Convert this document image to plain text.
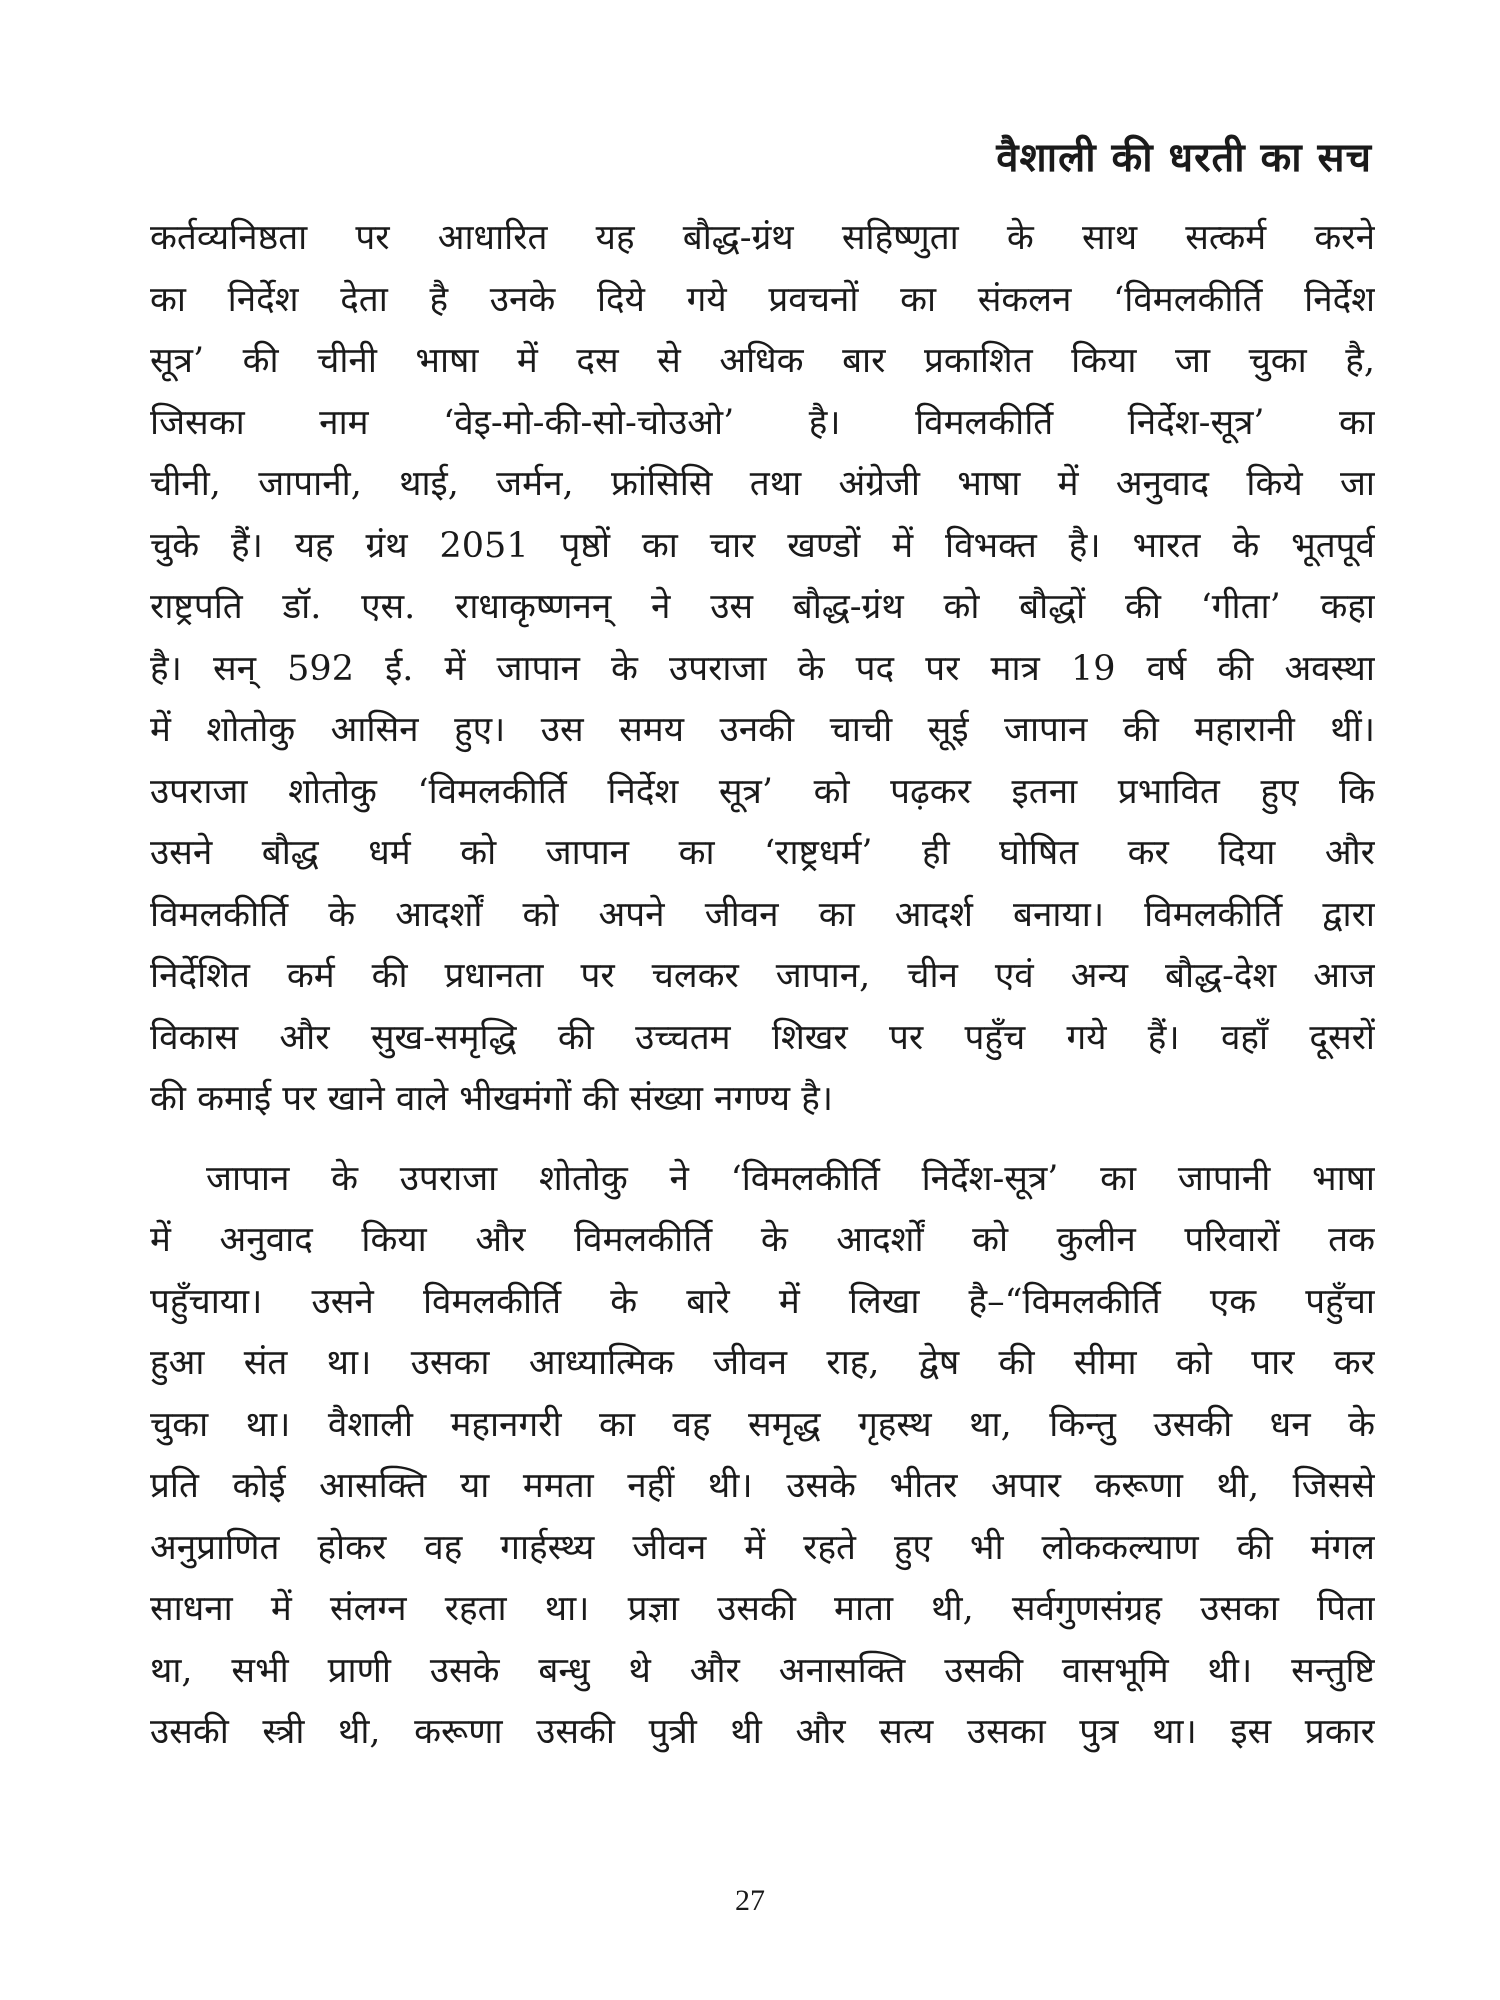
वैशाली की धरती का सच
कर्तव्यनिष्ठता पर आधारित यह बौद्ध-ग्रंथ सहिष्णुता के साथ सत्कर्म करने
का निर्देश देता है उनके दिये गये प्रवचनों का संकलन ‘विमलकीर्ति निर्देश
सूत्र’ की चीनी भाषा में दस से अधिक बार प्रकाशित किया जा चुका है,
जिसका नाम ‘वेइ-मो-की-सो-चोउओ’ है। विमलकीर्ति निर्देश-सूत्र’ का
चीनी, जापानी, थाई, जर्मन, फ्रांसिसि तथा अंग्रेजी भाषा में अनुवाद किये जा
चुके हैं। यह ग्रंथ 2051 पृष्ठों का चार खण्डों में विभक्त है। भारत के भूतपूर्व
राष्ट्रपति डॉ. एस. राधाकृष्णनन् ने उस बौद्ध-ग्रंथ को बौद्धों की ‘गीता’ कहा
है। सन् 592 ई. में जापान के उपराजा के पद पर मात्र 19 वर्ष की अवस्था
में शोतोकु आसिन हुए। उस समय उनकी चाची सूई जापान की महारानी थीं।
उपराजा शोतोकु ‘विमलकीर्ति निर्देश सूत्र’ को पढ़कर इतना प्रभावित हुए कि
उसने बौद्ध धर्म को जापान का ‘राष्ट्रधर्म’ ही घोषित कर दिया और
विमलकीर्ति के आदर्शों को अपने जीवन का आदर्श बनाया। विमलकीर्ति द्वारा
निर्देशित कर्म की प्रधानता पर चलकर जापान, चीन एवं अन्य बौद्ध-देश आज
विकास और सुख-समृद्धि की उच्चतम शिखर पर पहुँच गये हैं। वहाँ दूसरों
की कमाई पर खाने वाले भीखमंगों की संख्या नगण्य है।
जापान के उपराजा शोतोकु ने ‘विमलकीर्ति निर्देश-सूत्र’ का जापानी भाषा
में अनुवाद किया और विमलकीर्ति के आदर्शों को कुलीन परिवारों तक
पहुँचाया। उसने विमलकीर्ति के बारे में लिखा है–“विमलकीर्ति एक पहुँचा
हुआ संत था। उसका आध्यात्मिक जीवन राह, द्वेष की सीमा को पार कर
चुका था। वैशाली महानगरी का वह समृद्ध गृहस्थ था, किन्तु उसकी धन के
प्रति कोई आसक्ति या ममता नहीं थी। उसके भीतर अपार करूणा थी, जिससे
अनुप्राणित होकर वह गार्हस्थ्य जीवन में रहते हुए भी लोककल्याण की मंगल
साधना में संलग्न रहता था। प्रज्ञा उसकी माता थी, सर्वगुणसंग्रह उसका पिता
था, सभी प्राणी उसके बन्धु थे और अनासक्ति उसकी वासभूमि थी। सन्तुष्टि
उसकी स्त्री थी, करूणा उसकी पुत्री थी और सत्य उसका पुत्र था। इस प्रकार
27
